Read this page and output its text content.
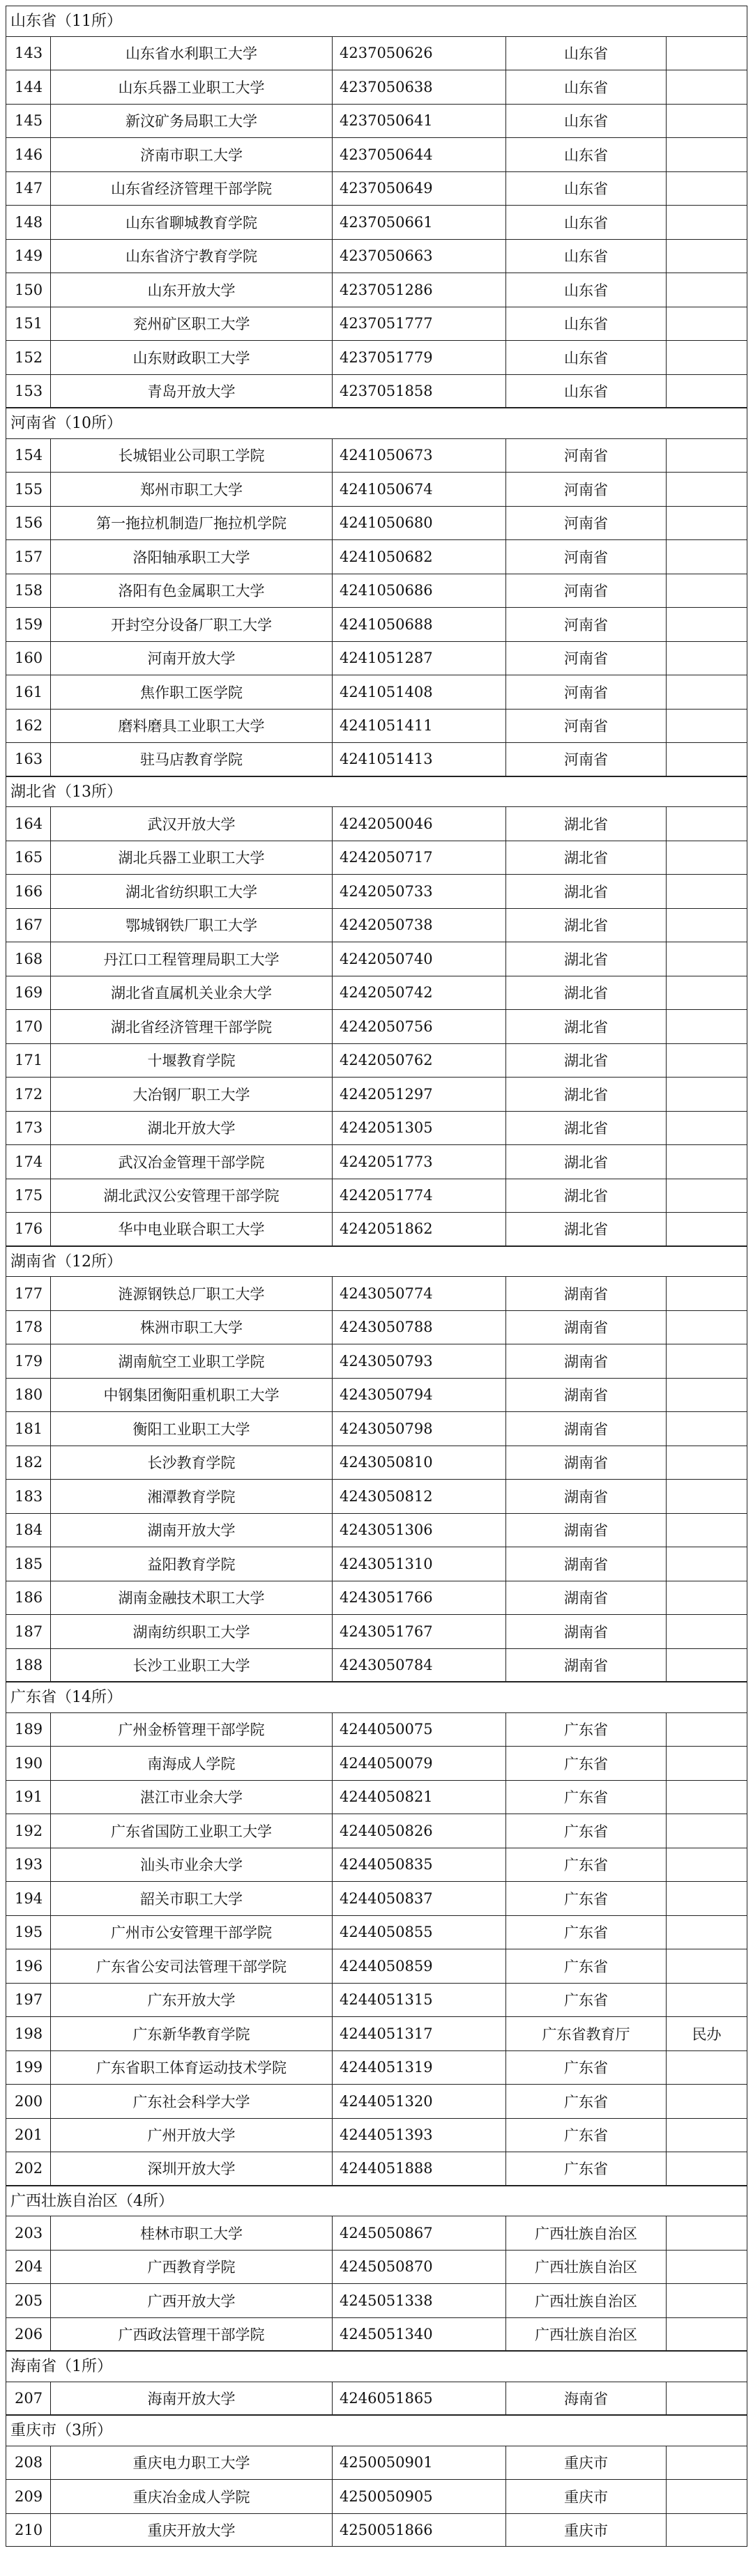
山东省（11所）
143	山东省水利职工大学	4237050626	山东省
144	山东兵器工业职工大学	4237050638	山东省
145	新汶矿务局职工大学	4237050641	山东省
146	济南市职工大学	4237050644	山东省
147	山东省经济管理干部学院	4237050649	山东省
148	山东省聊城教育学院	4237050661	山东省
149	山东省济宁教育学院	4237050663	山东省
150	山东开放大学	4237051286	山东省
151	兖州矿区职工大学	4237051777	山东省
152	山东财政职工大学	4237051779	山东省
153	青岛开放大学	4237051858	山东省
河南省（10所）
154	长城铝业公司职工学院	4241050673	河南省
155	郑州市职工大学	4241050674	河南省
156	第一拖拉机制造厂拖拉机学院	4241050680	河南省
157	洛阳轴承职工大学	4241050682	河南省
158	洛阳有色金属职工大学	4241050686	河南省
159	开封空分设备厂职工大学	4241050688	河南省
160	河南开放大学	4241051287	河南省
161	焦作职工医学院	4241051408	河南省
162	磨料磨具工业职工大学	4241051411	河南省
163	驻马店教育学院	4241051413	河南省
湖北省（13所）
164	武汉开放大学	4242050046	湖北省
165	湖北兵器工业职工大学	4242050717	湖北省
166	湖北省纺织职工大学	4242050733	湖北省
167	鄂城钢铁厂职工大学	4242050738	湖北省
168	丹江口工程管理局职工大学	4242050740	湖北省
169	湖北省直属机关业余大学	4242050742	湖北省
170	湖北省经济管理干部学院	4242050756	湖北省
171	十堰教育学院	4242050762	湖北省
172	大冶钢厂职工大学	4242051297	湖北省
173	湖北开放大学	4242051305	湖北省
174	武汉冶金管理干部学院	4242051773	湖北省
175	湖北武汉公安管理干部学院	4242051774	湖北省
176	华中电业联合职工大学	4242051862	湖北省
湖南省（12所）
177	涟源钢铁总厂职工大学	4243050774	湖南省
178	株洲市职工大学	4243050788	湖南省
179	湖南航空工业职工学院	4243050793	湖南省
180	中钢集团衡阳重机职工大学	4243050794	湖南省
181	衡阳工业职工大学	4243050798	湖南省
182	长沙教育学院	4243050810	湖南省
183	湘潭教育学院	4243050812	湖南省
184	湖南开放大学	4243051306	湖南省
185	益阳教育学院	4243051310	湖南省
186	湖南金融技术职工大学	4243051766	湖南省
187	湖南纺织职工大学	4243051767	湖南省
188	长沙工业职工大学	4243050784	湖南省
广东省（14所）
189	广州金桥管理干部学院	4244050075	广东省
190	南海成人学院	4244050079	广东省
191	湛江市业余大学	4244050821	广东省
192	广东省国防工业职工大学	4244050826	广东省
193	汕头市业余大学	4244050835	广东省
194	韶关市职工大学	4244050837	广东省
195	广州市公安管理干部学院	4244050855	广东省
196	广东省公安司法管理干部学院	4244050859	广东省
197	广东开放大学	4244051315	广东省
198	广东新华教育学院	4244051317	广东省教育厅	民办
199	广东省职工体育运动技术学院	4244051319	广东省
200	广东社会科学大学	4244051320	广东省
201	广州开放大学	4244051393	广东省
202	深圳开放大学	4244051888	广东省
广西壮族自治区（4所）
203	桂林市职工大学	4245050867	广西壮族自治区
204	广西教育学院	4245050870	广西壮族自治区
205	广西开放大学	4245051338	广西壮族自治区
206	广西政法管理干部学院	4245051340	广西壮族自治区
海南省（1所）
207	海南开放大学	4246051865	海南省
重庆市（3所）
208	重庆电力职工大学	4250050901	重庆市
209	重庆冶金成人学院	4250050905	重庆市
210	重庆开放大学	4250051866	重庆市
